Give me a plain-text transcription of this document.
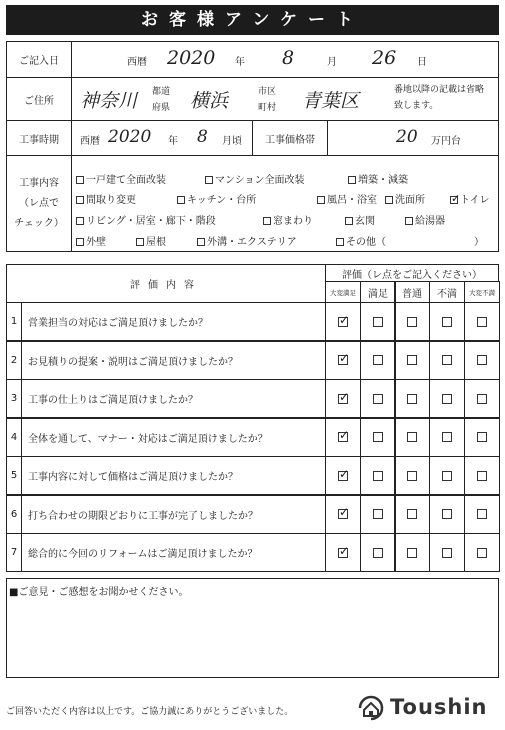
お客様アンケート
ご記入日	西暦 2020 年 8	月 26 日
ご住所	神奈川 都道府県 横浜	市区町村 青葉区	番地以降の記載は省略致します。
工事時期	西暦 2020 年 8 月頃	工事価格帯	20 万円台
工事内容
（レ点で
チェック）
一戸建て全面改装	マンション全面改装	増築・減築
間取り変更	キッチン・台所	風呂・浴室	洗面所 ✓ トイレ
リビング・居室・廊下・階段	窓まわり	玄関	給湯器
外壁	屋根	外溝・エクステリア	その他（	）
評価内容
評価（レ点をご記入ください）
大変満足	満足	普通	不満	大変不満
1	営業担当の対応はご満足頂けましたか？	✓
2	お見積りの提案・説明はご満足頂けましたか？	✓
3	工事の仕上りはご満足頂けましたか？	✓
4	全体を通して、マナー・対応はご満足頂けましたか？	✓
5	工事内容に対して価格はご満足頂けましたか？	✓
6	打ち合わせの期限どおりに工事が完了しましたか？	✓
7	総合的に今回のリフォームはご満足頂けましたか？	✓
■ご意見・ご感想をお聞かせください。
ご回答いただく内容は以上です。ご協力誠にありがとうございました。	Toushin
